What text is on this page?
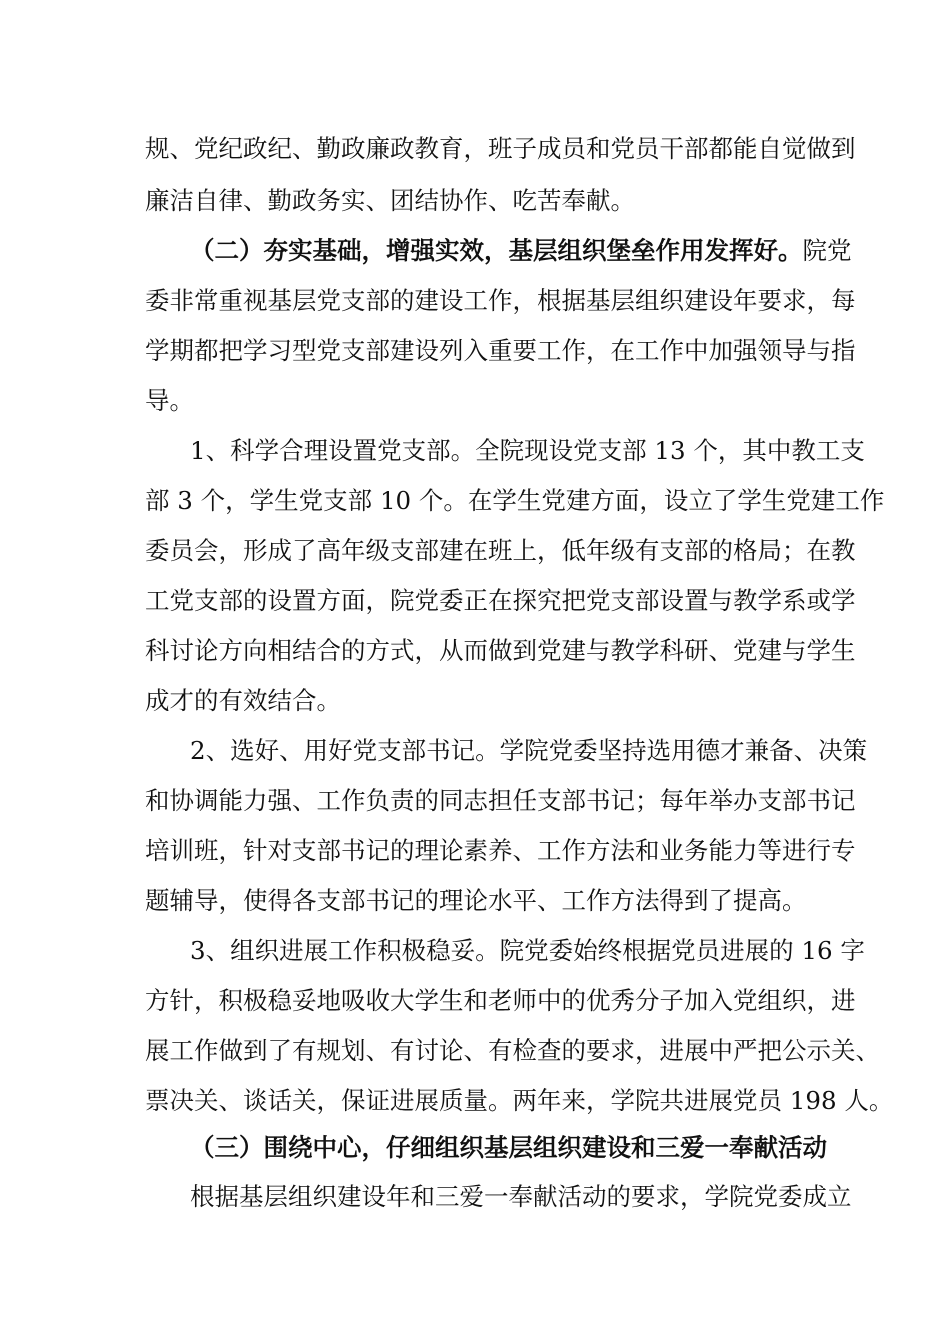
规、党纪政纪、勤政廉政教育，班子成员和党员干部都能自觉做到
廉洁自律、勤政务实、团结协作、吃苦奉献。
（二）夯实基础，增强实效，基层组织堡垒作用发挥好。院党
委非常重视基层党支部的建设工作，根据基层组织建设年要求，每
学期都把学习型党支部建设列入重要工作，在工作中加强领导与指
导。
1、科学合理设置党支部。全院现设党支部 13 个，其中教工支
部 3 个，学生党支部 10 个。在学生党建方面，设立了学生党建工作
委员会，形成了高年级支部建在班上，低年级有支部的格局；在教
工党支部的设置方面，院党委正在探究把党支部设置与教学系或学
科讨论方向相结合的方式，从而做到党建与教学科研、党建与学生
成才的有效结合。
2、选好、用好党支部书记。学院党委坚持选用德才兼备、决策
和协调能力强、工作负责的同志担任支部书记；每年举办支部书记
培训班，针对支部书记的理论素养、工作方法和业务能力等进行专
题辅导，使得各支部书记的理论水平、工作方法得到了提高。
3、组织进展工作积极稳妥。院党委始终根据党员进展的 16 字
方针，积极稳妥地吸收大学生和老师中的优秀分子加入党组织，进
展工作做到了有规划、有讨论、有检查的要求，进展中严把公示关、
票决关、谈话关，保证进展质量。两年来，学院共进展党员 198 人。
（三）围绕中心，仔细组织基层组织建设和三爱一奉献活动
根据基层组织建设年和三爱一奉献活动的要求，学院党委成立
